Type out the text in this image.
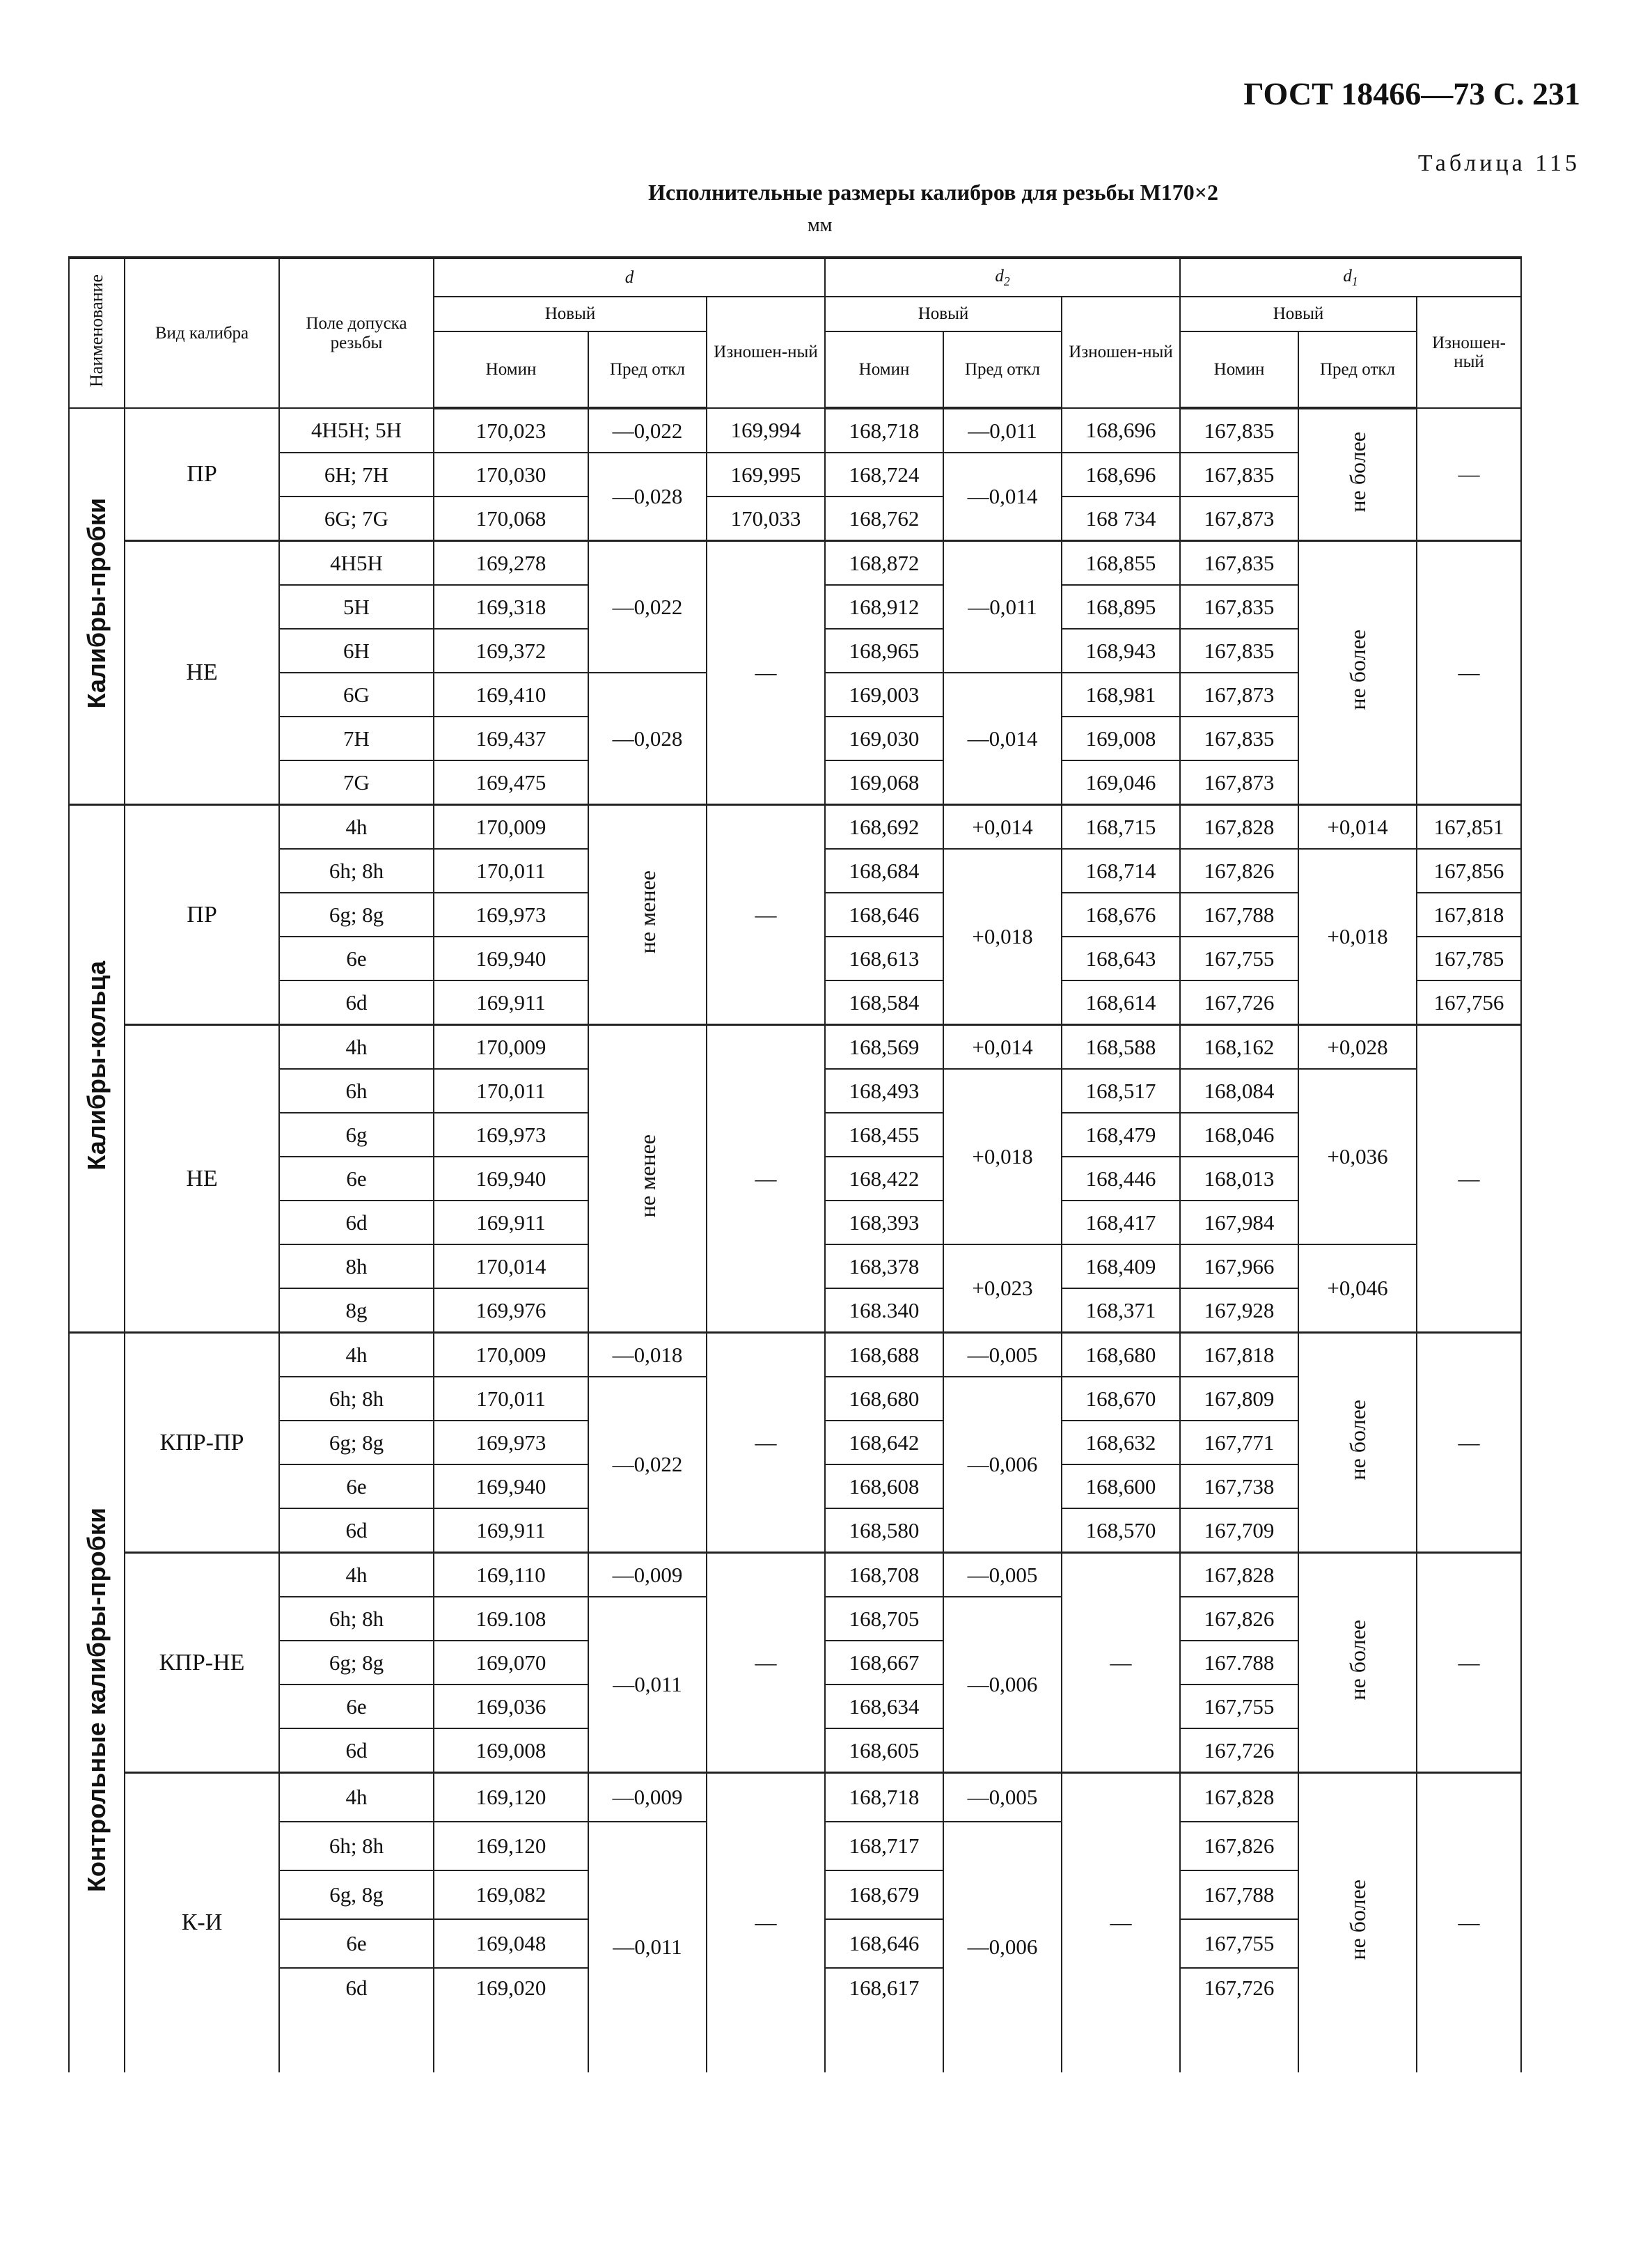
ГОСТ 18466—73 С. 231
Таблица 115
Исполнительные размеры калибров для резьбы М170×2
мм
Наименование	Вид калибра	Поле допуска резьбы	d			$d_2$			$d_1$
			Новый		Изношен-ный	Новый		Изношен-ный	Новый		Изношен-ный
			Номин	Пред откл		Номин	Пред откл		Номин	Пред откл	
Калибры-пробки	ПР	4H5H; 5H	170,023	—0,022	169,994	168,718	—0,011	168,696	167,835	не более	—
		6H; 7H	170,030	—0,028	169,995	168,724	—0,014	168,696	167,835		
		6G; 7G	170,068		170,033	168,762		168 734	167,873		
	НЕ	4H5H	169,278	—0,022	—	168,872	—0,011	168,855	167,835	не более	—
		5H	169,318			168,912		168,895	167,835		
		6H	169,372			168,965		168,943	167,835		
		6G	169,410	—0,028		169,003	—0,014	168,981	167,873		
		7H	169,437			169,030		169,008	167,835		
		7G	169,475			169,068		169,046	167,873		
Калибры-кольца	ПР	4h	170,009	не менее	—	168,692	+0,014	168,715	167,828	+0,014	167,851
		6h; 8h	170,011			168,684	+0,018	168,714	167,826	+0,018	167,856
		6g; 8g	169,973			168,646		168,676	167,788		167,818
		6e	169,940			168,613		168,643	167,755		167,785
		6d	169,911			168,584		168,614	167,726		167,756
	НЕ	4h	170,009	не менее	—	168,569	+0,014	168,588	168,162	+0,028	—
		6h	170,011			168,493	+0,018	168,517	168,084	+0,036	
		6g	169,973			168,455		168,479	168,046		
		6e	169,940			168,422		168,446	168,013		
		6d	169,911			168,393		168,417	167,984		
		8h	170,014			168,378	+0,023	168,409	167,966	+0,046	
		8g	169,976			168.340		168,371	167,928		
Контрольные калибры-пробки	КПР-ПР	4h	170,009	—0,018	—	168,688	—0,005	168,680	167,818	не более	—
		6h; 8h	170,011	—0,022		168,680	—0,006	168,670	167,809		
		6g; 8g	169,973			168,642		168,632	167,771		
		6e	169,940			168,608		168,600	167,738		
		6d	169,911			168,580		168,570	167,709		
	КПР-НЕ	4h	169,110	—0,009	—	168,708	—0,005	—	167,828	не более	—
		6h; 8h	169.108	—0,011		168,705	—0,006		167,826		
		6g; 8g	169,070			168,667			167.788		
		6e	169,036			168,634			167,755		
		6d	169,008			168,605			167,726		
	К-И	4h	169,120	—0,009	—	168,718	—0,005	—	167,828	не более	—
		6h; 8h	169,120	—0,011		168,717	—0,006		167,826		
		6g, 8g	169,082			168,679			167,788		
		6e	169,048			168,646			167,755		
		6d	169,020			168,617			167,726		
